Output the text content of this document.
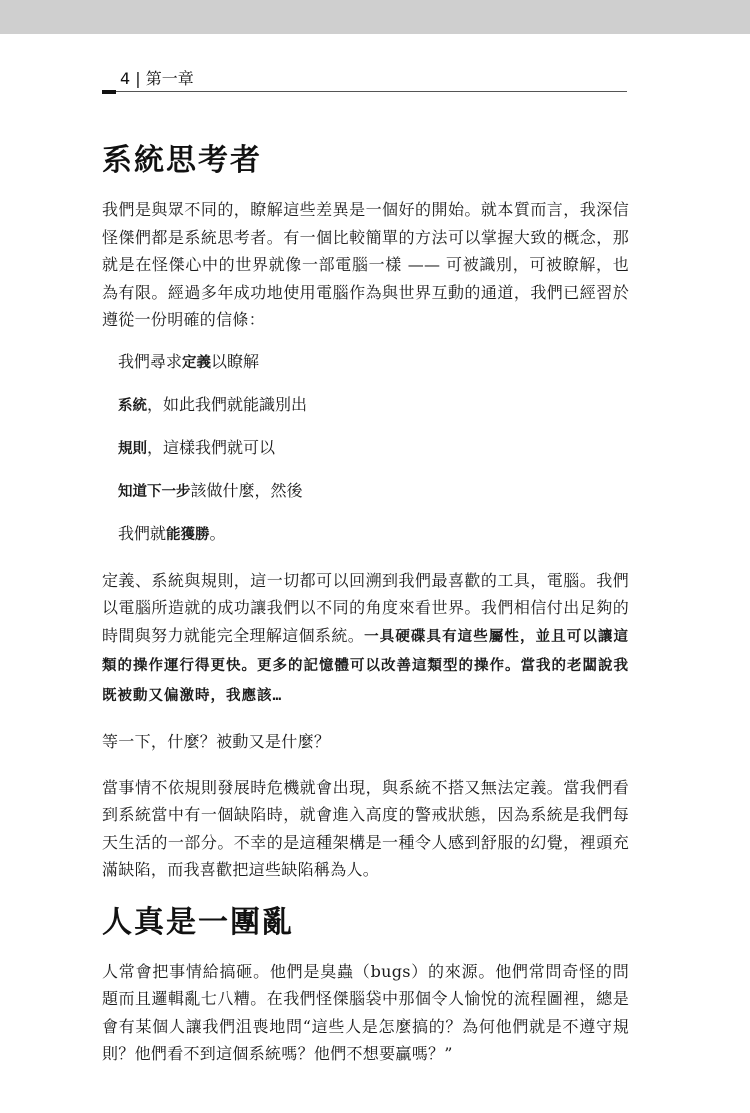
4 | 第一章
系統思考者

我們是與眾不同的，瞭解這些差異是一個好的開始。就本質而言，我深信怪傑們都是系統思考者。有一個比較簡單的方法可以掌握大致的概念，那就是在怪傑心中的世界就像一部電腦一樣 —— 可被識別，可被瞭解，也為有限。經過多年成功地使用電腦作為與世界互動的通道，我們已經習於遵從一份明確的信條：

我們尋求定義以瞭解
系統，如此我們就能識別出
規則，這樣我們就可以
知道下一步該做什麼，然後
我們就能獲勝。

定義、系統與規則，這一切都可以回溯到我們最喜歡的工具，電腦。我們以電腦所造就的成功讓我們以不同的角度來看世界。我們相信付出足夠的時間與努力就能完全理解這個系統。一具硬碟具有這些屬性，並且可以讓這類的操作運行得更快。更多的記憶體可以改善這類型的操作。當我的老闆說我既被動又偏激時，我應該…

等一下，什麼？被動又是什麼？

當事情不依規則發展時危機就會出現，與系統不搭又無法定義。當我們看到系統當中有一個缺陷時，就會進入高度的警戒狀態，因為系統是我們每天生活的一部分。不幸的是這種架構是一種令人感到舒服的幻覺，裡頭充滿缺陷，而我喜歡把這些缺陷稱為人。

人真是一團亂

人常會把事情給搞砸。他們是臭蟲（bugs）的來源。他們常問奇怪的問題而且邏輯亂七八糟。在我們怪傑腦袋中那個令人愉悅的流程圖裡，總是會有某個人讓我們沮喪地問“這些人是怎麼搞的？為何他們就是不遵守規則？他們看不到這個系統嗎？他們不想要贏嗎？”
